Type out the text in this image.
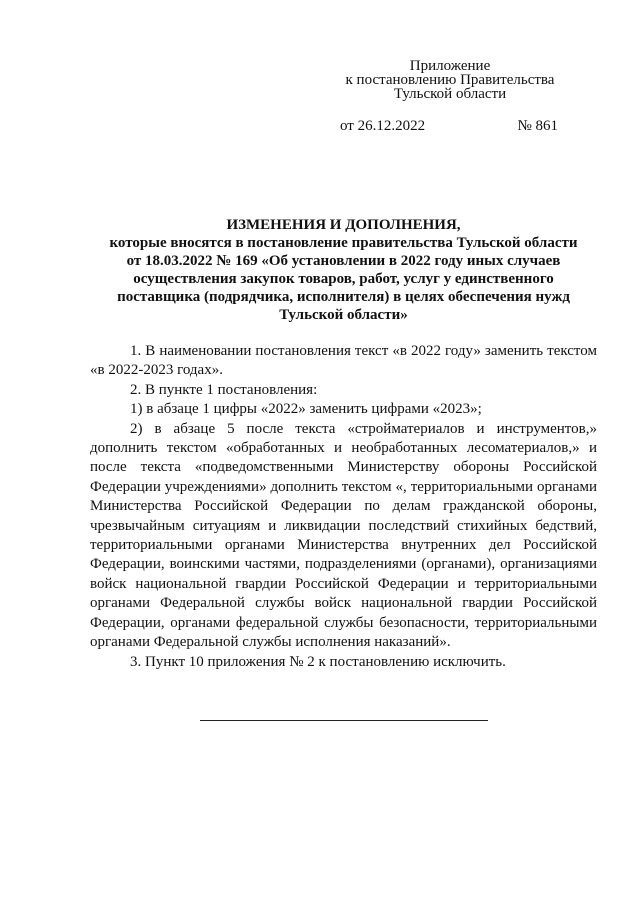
Приложение
к постановлению Правительства
Тульской области
от 26.12.2022	№ 861
ИЗМЕНЕНИЯ И ДОПОЛНЕНИЯ,
которые вносятся в постановление правительства Тульской области
от 18.03.2022 № 169 «Об установлении в 2022 году иных случаев
осуществления закупок товаров, работ, услуг у единственного
поставщика (подрядчика, исполнителя) в целях обеспечения нужд
Тульской области»

1. В наименовании постановления текст «в 2022 году» заменить текстом «в 2022-2023 годах».

2. В пункте 1 постановления:

1) в абзаце 1 цифры «2022» заменить цифрами «2023»;

2) в абзаце 5 после текста «стройматериалов и инструментов,» дополнить текстом «обработанных и необработанных лесоматериалов,» и после текста «подведомственными Министерству обороны Российской Федерации учреждениями» дополнить текстом «, территориальными органами Министерства Российской Федерации по делам гражданской обороны, чрезвычайным ситуациям и ликвидации последствий стихийных бедствий, территориальными органами Министерства внутренних дел Российской Федерации, воинскими частями, подразделениями (органами), организациями войск национальной гвардии Российской Федерации и территориальными органами Федеральной службы войск национальной гвардии Российской Федерации, органами федеральной службы безопасности, территориальными органами Федеральной службы исполнения наказаний».

3. Пункт 10 приложения № 2 к постановлению исключить.
